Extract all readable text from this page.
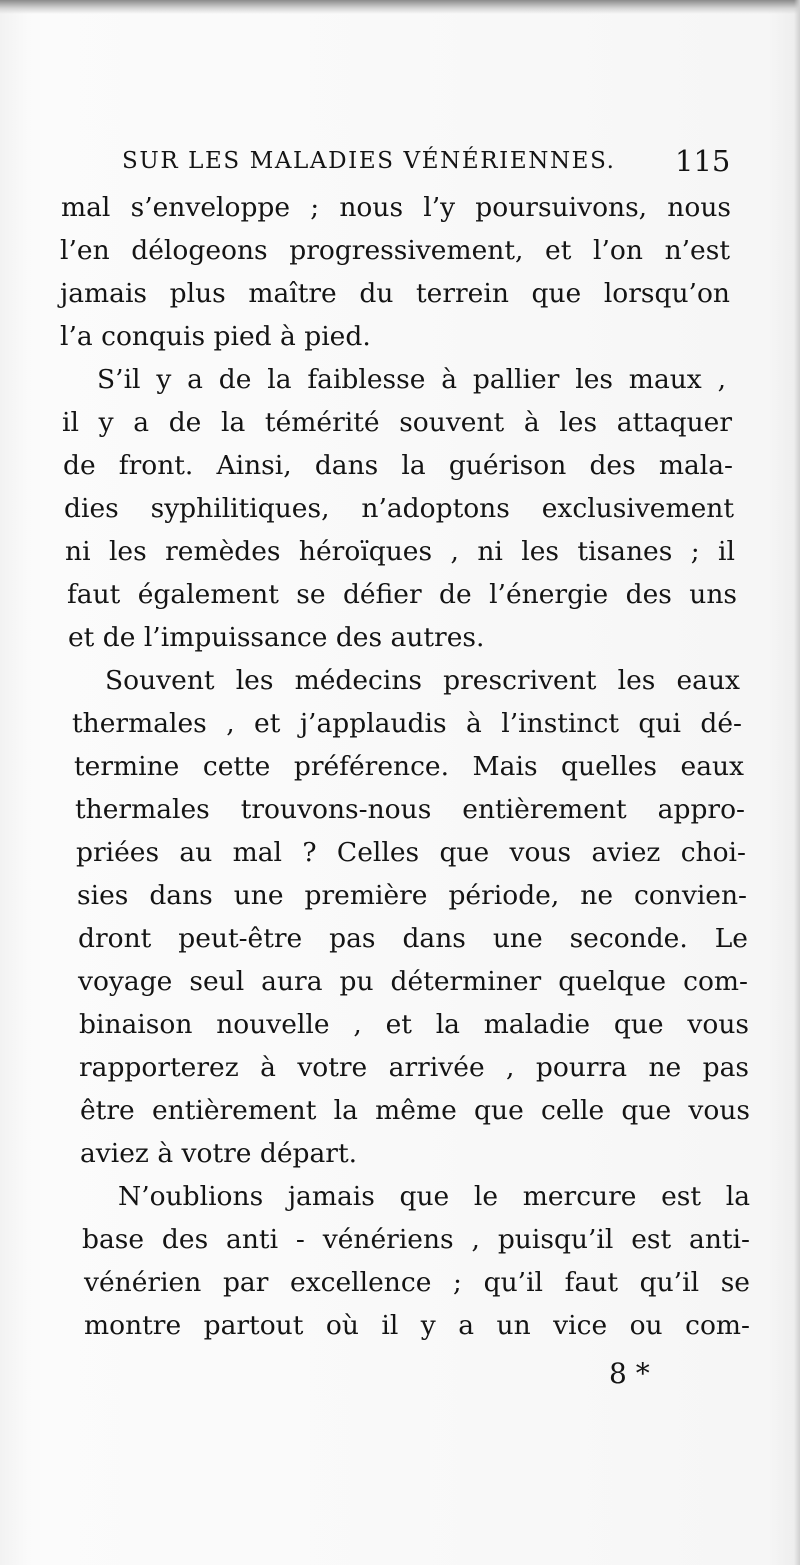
SUR LES MALADIES VÉNÉRIENNES. 115
mal s’enveloppe ; nous l’y poursuivons, nous
l’en délogeons progressivement, et l’on n’est
jamais plus maître du terrein que lorsqu’on
l’a conquis pied à pied.
S’il y a de la faiblesse à pallier les maux ,
il y a de la témérité souvent à les attaquer
de front. Ainsi, dans la guérison des mala-
dies syphilitiques, n’adoptons exclusivement
ni les remèdes héroïques , ni les tisanes ; il
faut également se défier de l’énergie des uns
et de l’impuissance des autres.
Souvent les médecins prescrivent les eaux
thermales , et j’applaudis à l’instinct qui dé-
termine cette préférence. Mais quelles eaux
thermales trouvons-nous entièrement appro-
priées au mal ? Celles que vous aviez choi-
sies dans une première période, ne convien-
dront peut-être pas dans une seconde. Le
voyage seul aura pu déterminer quelque com-
binaison nouvelle , et la maladie que vous
rapporterez à votre arrivée , pourra ne pas
être entièrement la même que celle que vous
aviez à votre départ.
N’oublions jamais que le mercure est la
base des anti - vénériens , puisqu’il est anti-
vénérien par excellence ; qu’il faut qu’il se
montre partout où il y a un vice ou com-
8 *
